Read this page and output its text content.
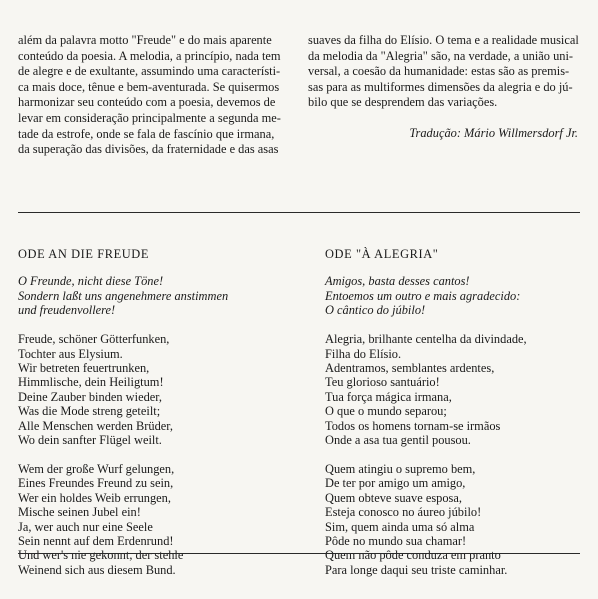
além da palavra motto "Freude" e do mais aparente
conteúdo da poesia. A melodia, a princípio, nada tem
de alegre e de exultante, assumindo uma característi-
ca mais doce, tênue e bem-aventurada. Se quisermos
harmonizar seu conteúdo com a poesia, devemos de
levar em consideração principalmente a segunda me-
tade da estrofe, onde se fala de fascínio que irmana,
da superação das divisões, da fraternidade e das asas
suaves da filha do Elísio. O tema e a realidade musical
da melodia da "Alegria" são, na verdade, a união uni-
versal, a coesão da humanidade: estas são as premis-
sas para as multiformes dimensões da alegria e do jú-
bilo que se desprendem das variações.

Tradução: Mário Willmersdorf Jr.

ODE AN DIE FREUDE
O Freunde, nicht diese Töne!
Sondern laßt uns angenehmere anstimmen
und freudenvollere!
Freude, schöner Götterfunken,
Tochter aus Elysium.
Wir betreten feuertrunken,
Himmlische, dein Heiligtum!
Deine Zauber binden wieder,
Was die Mode streng geteilt;
Alle Menschen werden Brüder,
Wo dein sanfter Flügel weilt.
Wem der große Wurf gelungen,
Eines Freundes Freund zu sein,
Wer ein holdes Weib errungen,
Mische seinen Jubel ein!
Ja, wer auch nur eine Seele
Sein nennt auf dem Erdenrund!
Und wer's nie gekonnt, der stehle
Weinend sich aus diesem Bund.
ODE "À ALEGRIA"
Amigos, basta desses cantos!
Entoemos um outro e mais agradecido:
O cântico do júbilo!
Alegria, brilhante centelha da divindade,
Filha do Elísio.
Adentramos, semblantes ardentes,
Teu glorioso santuário!
Tua força mágica irmana,
O que o mundo separou;
Todos os homens tornam-se irmãos
Onde a asa tua gentil pousou.
Quem atingiu o supremo bem,
De ter por amigo um amigo,
Quem obteve suave esposa,
Esteja conosco no áureo júbilo!
Sim, quem ainda uma só alma
Pôde no mundo sua chamar!
Quem não pôde conduza em pranto
Para longe daqui seu triste caminhar.
